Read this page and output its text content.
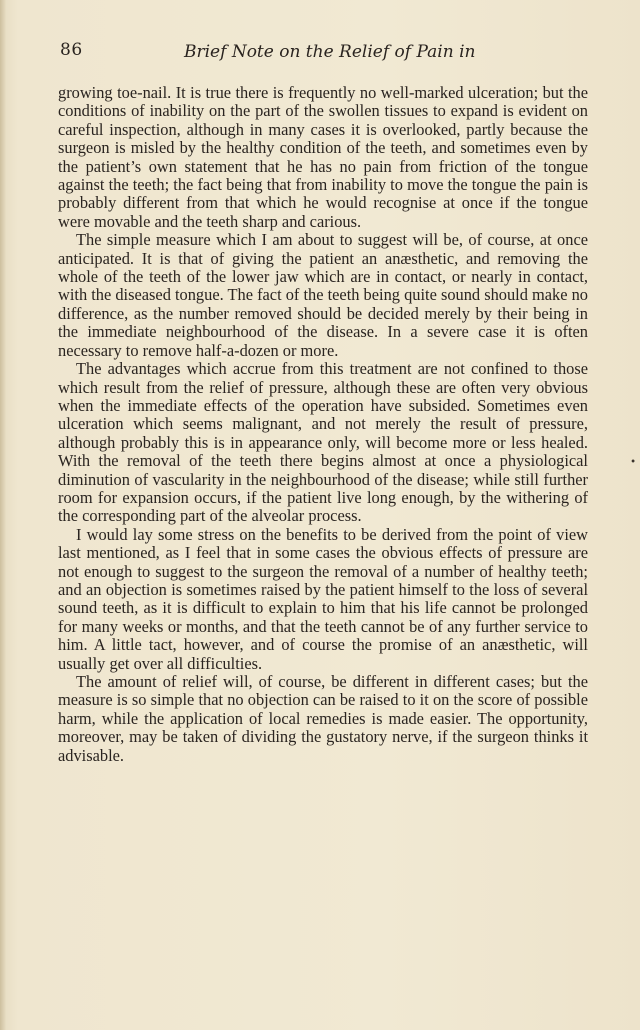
86	Brief Note on the Relief of Pain in

growing toe-nail. It is true there is frequently no well-marked ulceration; but the conditions of inability on the part of the swollen tissues to expand is evident on careful inspection, although in many cases it is overlooked, partly because the surgeon is misled by the healthy condition of the teeth, and sometimes even by the patient’s own statement that he has no pain from friction of the tongue against the teeth; the fact being that from inability to move the tongue the pain is probably different from that which he would recognise at once if the tongue were movable and the teeth sharp and carious.

The simple measure which I am about to suggest will be, of course, at once anticipated. It is that of giving the patient an anæsthetic, and removing the whole of the teeth of the lower jaw which are in contact, or nearly in contact, with the diseased tongue. The fact of the teeth being quite sound should make no difference, as the number removed should be decided merely by their being in the immediate neighbourhood of the disease. In a severe case it is often necessary to remove half-a-dozen or more.

The advantages which accrue from this treatment are not confined to those which result from the relief of pressure, although these are often very obvious when the immediate effects of the operation have subsided. Sometimes even ulceration which seems malignant, and not merely the result of pressure, although probably this is in appearance only, will become more or less healed. With the removal of the teeth there begins almost at once a physiological diminution of vascularity in the neighbourhood of the disease; while still further room for expansion occurs, if the patient live long enough, by the withering of the corresponding part of the alveolar process.

I would lay some stress on the benefits to be derived from the point of view last mentioned, as I feel that in some cases the obvious effects of pressure are not enough to suggest to the surgeon the removal of a number of healthy teeth; and an objection is sometimes raised by the patient himself to the loss of several sound teeth, as it is difficult to explain to him that his life cannot be prolonged for many weeks or months, and that the teeth cannot be of any further service to him. A little tact, however, and of course the promise of an anæsthetic, will usually get over all difficulties.

The amount of relief will, of course, be different in different cases; but the measure is so simple that no objection can be raised to it on the score of possible harm, while the application of local remedies is made easier. The opportunity, moreover, may be taken of dividing the gustatory nerve, if the surgeon thinks it advisable.

•
